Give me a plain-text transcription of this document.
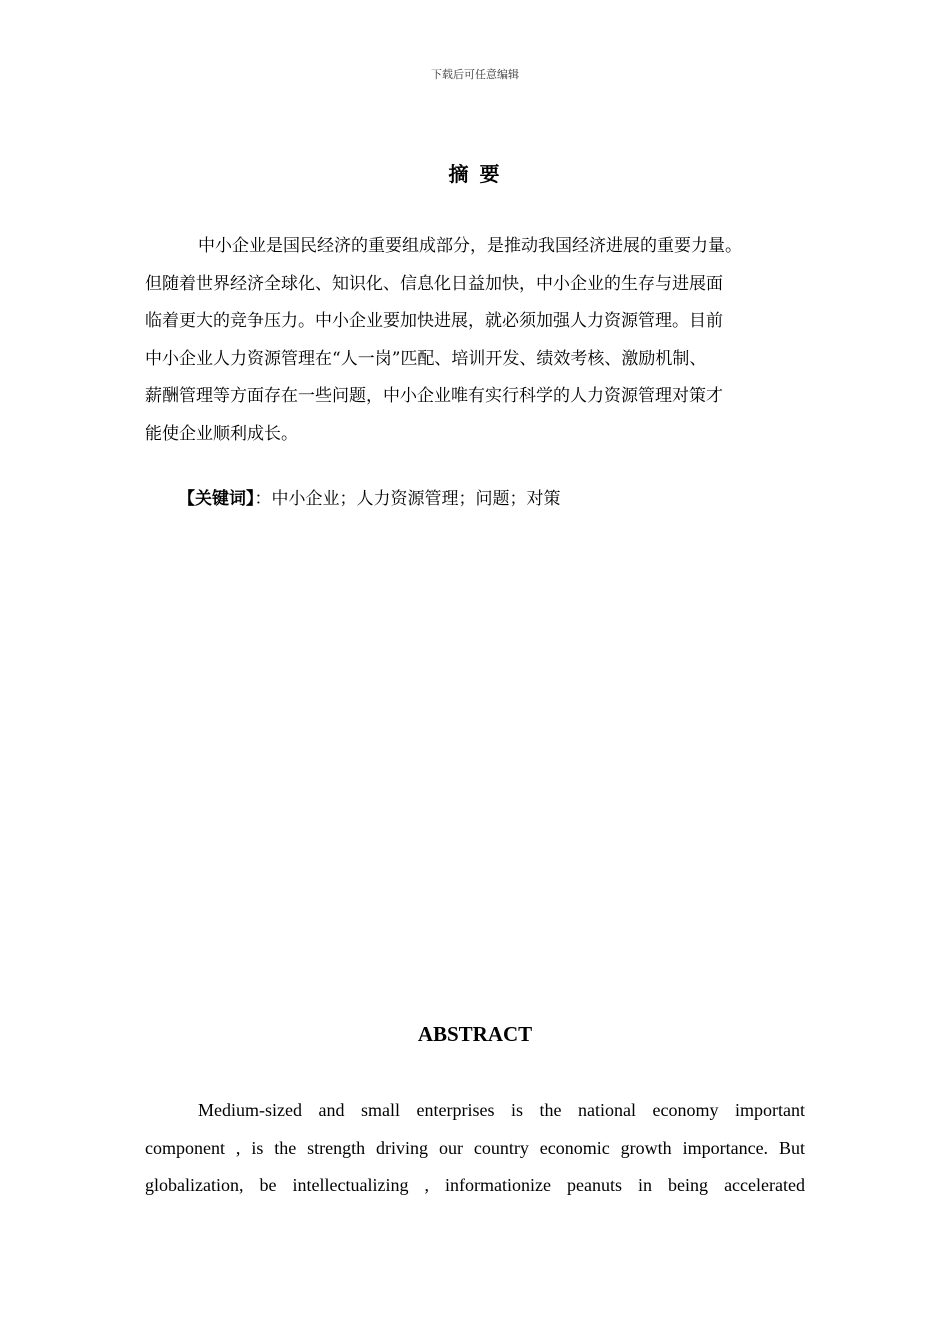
下载后可任意编辑
摘 要
中小企业是国民经济的重要组成部分，是推动我国经济进展的重要力量。
但随着世界经济全球化、知识化、信息化日益加快，中小企业的生存与进展面
临着更大的竞争压力。中小企业要加快进展，就必须加强人力资源管理。目前
中小企业人力资源管理在“人一岗”匹配、培训开发、绩效考核、激励机制、
薪酬管理等方面存在一些问题，中小企业唯有实行科学的人力资源管理对策才
能使企业顺利成长。
【关键词】：中小企业；人力资源管理；问题；对策
ABSTRACT
Medium-sized and small enterprises is the national economy important
component , is the strength driving our country economic growth importance. But
globalization, be intellectualizing , informationize peanuts in being accelerated
